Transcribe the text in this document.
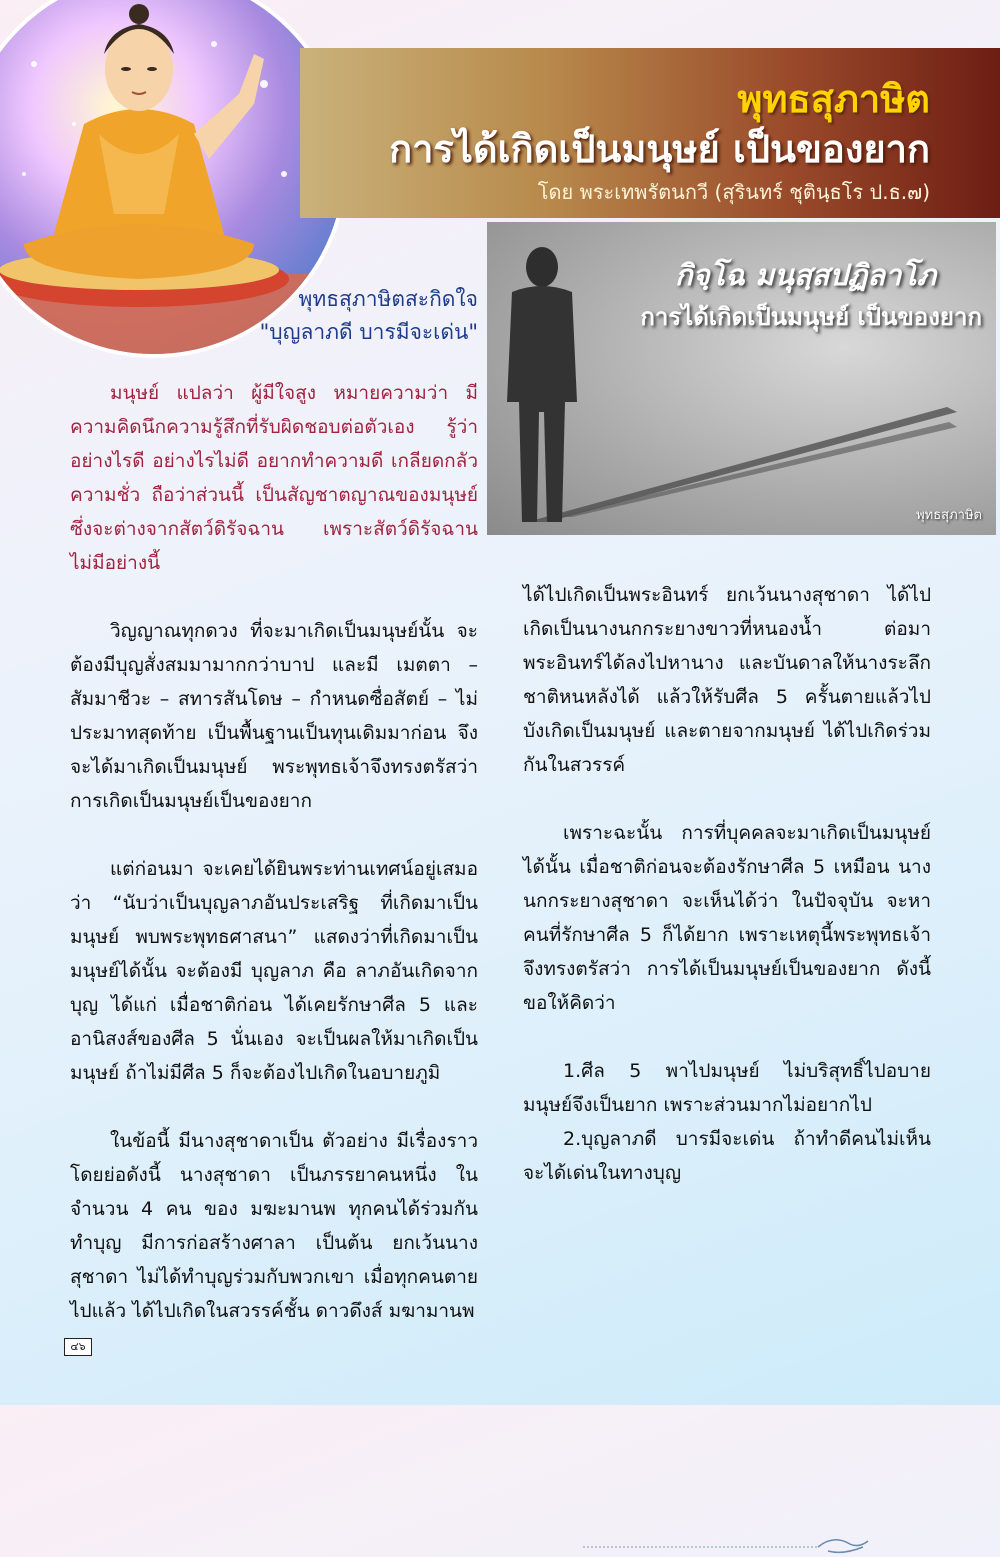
พุทธสุภาษิต
การได้เกิดเป็นมนุษย์ เป็นของยาก
โดย พระเทพรัตนกวี (สุรินทร์ ชุตินฺธโร ป.ธ.๗)
พุทธสุภาษิตสะกิดใจ
"บุญลาภดี บารมีจะเด่น"
กิจฺโฉ มนุสฺสปฏิลาโภ
การได้เกิดเป็นมนุษย์ เป็นของยาก
พุทธสุภาษิต

มนุษย์ แปลว่า ผู้มีใจสูง หมายความว่า มีความคิดนึกความรู้สึกที่รับผิดชอบต่อตัวเอง รู้ว่าอย่างไรดี อย่างไรไม่ดี อยากทำความดี เกลียดกลัวความชั่ว ถือว่าส่วนนี้ เป็นสัญชาตญาณของมนุษย์ ซึ่งจะต่างจากสัตว์ดิรัจฉาน เพราะสัตว์ดิรัจฉานไม่มีอย่างนี้

วิญญาณทุกดวง ที่จะมาเกิดเป็นมนุษย์นั้น จะต้องมีบุญสั่งสมมามากกว่าบาป และมี เมตตา – สัมมาชีวะ – สทารสันโดษ – กำหนดซื่อสัตย์ – ไม่ประมาทสุดท้าย เป็นพื้นฐานเป็นทุนเดิมมาก่อน จึงจะได้มาเกิดเป็นมนุษย์ พระพุทธเจ้าจึงทรงตรัสว่า การเกิดเป็นมนุษย์เป็นของยาก

แต่ก่อนมา จะเคยได้ยินพระท่านเทศน์อยู่เสมอว่า “นับว่าเป็นบุญลาภอันประเสริฐ ที่เกิดมาเป็นมนุษย์ พบพระพุทธศาสนา” แสดงว่าที่เกิดมาเป็นมนุษย์ได้นั้น จะต้องมี บุญลาภ คือ ลาภอันเกิดจากบุญ ได้แก่ เมื่อชาติก่อน ได้เคยรักษาศีล 5 และอานิสงส์ของศีล 5 นั่นเอง จะเป็นผลให้มาเกิดเป็นมนุษย์ ถ้าไม่มีศีล 5 ก็จะต้องไปเกิดในอบายภูมิ

ในข้อนี้ มีนางสุชาดาเป็น ตัวอย่าง มีเรื่องราวโดยย่อดังนี้ นางสุชาดา เป็นภรรยาคนหนึ่ง ในจำนวน 4 คน ของ มฆะมานพ ทุกคนได้ร่วมกันทำบุญ มีการก่อสร้างศาลา เป็นต้น ยกเว้นนางสุชาดา ไม่ได้ทำบุญร่วมกับพวกเขา เมื่อทุกคนตายไปแล้ว ได้ไปเกิดในสวรรค์ชั้น ดาวดึงส์ มฆามานพ

ได้ไปเกิดเป็นพระอินทร์ ยกเว้นนางสุชาดา ได้ไปเกิดเป็นนางนกกระยางขาวที่หนองน้ำ ต่อมาพระอินทร์ได้ลงไปหานาง และบันดาลให้นางระลึกชาติหนหลังได้ แล้วให้รับศีล 5 ครั้นตายแล้วไปบังเกิดเป็นมนุษย์ และตายจากมนุษย์ ได้ไปเกิดร่วมกันในสวรรค์

เพราะฉะนั้น การที่บุคคลจะมาเกิดเป็นมนุษย์ได้นั้น เมื่อชาติก่อนจะต้องรักษาศีล 5 เหมือน นางนกกระยางสุชาดา จะเห็นได้ว่า ในปัจจุบัน จะหาคนที่รักษาศีล 5 ก็ได้ยาก เพราะเหตุนี้พระพุทธเจ้าจึงทรงตรัสว่า การได้เป็นมนุษย์เป็นของยาก ดังนี้ขอให้คิดว่า

1.ศีล 5 พาไปมนุษย์ ไม่บริสุทธิ์ไปอบาย มนุษย์จึงเป็นยาก เพราะส่วนมากไม่อยากไป

2.บุญลาภดี บารมีจะเด่น ถ้าทำดีคนไม่เห็น จะได้เด่นในทางบุญ

๔๖
